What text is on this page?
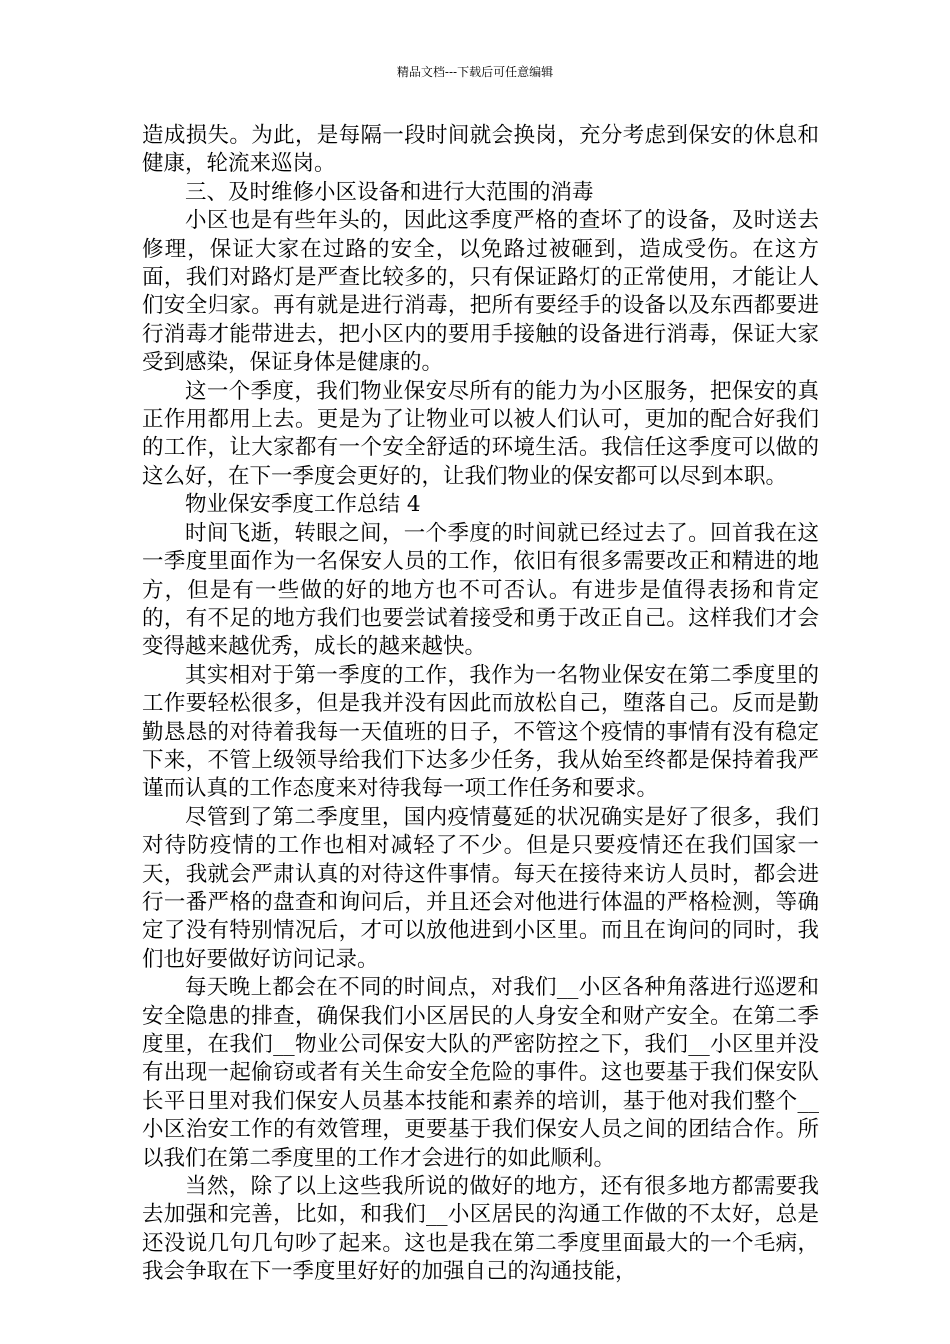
精品文档---下载后可任意编辑

造成损失。为此，是每隔一段时间就会换岗，充分考虑到保安的休息和健康，轮流来巡岗。

三、及时维修小区设备和进行大范围的消毒

小区也是有些年头的，因此这季度严格的查坏了的设备，及时送去修理，保证大家在过路的安全，以免路过被砸到，造成受伤。在这方面，我们对路灯是严查比较多的，只有保证路灯的正常使用，才能让人们安全归家。再有就是进行消毒，把所有要经手的设备以及东西都要进行消毒才能带进去，把小区内的要用手接触的设备进行消毒，保证大家受到感染，保证身体是健康的。

这一个季度，我们物业保安尽所有的能力为小区服务，把保安的真正作用都用上去。更是为了让物业可以被人们认可，更加的配合好我们的工作，让大家都有一个安全舒适的环境生活。我信任这季度可以做的这么好，在下一季度会更好的，让我们物业的保安都可以尽到本职。

物业保安季度工作总结 4

时间飞逝，转眼之间，一个季度的时间就已经过去了。回首我在这一季度里面作为一名保安人员的工作，依旧有很多需要改正和精进的地方，但是有一些做的好的地方也不可否认。有进步是值得表扬和肯定的，有不足的地方我们也要尝试着接受和勇于改正自己。这样我们才会变得越来越优秀，成长的越来越快。

其实相对于第一季度的工作，我作为一名物业保安在第二季度里的工作要轻松很多，但是我并没有因此而放松自己，堕落自己。反而是勤勤恳恳的对待着我每一天值班的日子，不管这个疫情的事情有没有稳定下来，不管上级领导给我们下达多少任务，我从始至终都是保持着我严谨而认真的工作态度来对待我每一项工作任务和要求。

尽管到了第二季度里，国内疫情蔓延的状况确实是好了很多，我们对待防疫情的工作也相对减轻了不少。但是只要疫情还在我们国家一天，我就会严肃认真的对待这件事情。每天在接待来访人员时，都会进行一番严格的盘查和询问后，并且还会对他进行体温的严格检测，等确定了没有特别情况后，才可以放他进到小区里。而且在询问的同时，我们也好要做好访问记录。

每天晚上都会在不同的时间点，对我们__小区各种角落进行巡逻和安全隐患的排查，确保我们小区居民的人身安全和财产安全。在第二季度里，在我们__物业公司保安大队的严密防控之下，我们__小区里并没有出现一起偷窃或者有关生命安全危险的事件。这也要基于我们保安队长平日里对我们保安人员基本技能和素养的培训，基于他对我们整个__小区治安工作的有效管理，更要基于我们保安人员之间的团结合作。所以我们在第二季度里的工作才会进行的如此顺利。

当然，除了以上这些我所说的做好的地方，还有很多地方都需要我去加强和完善，比如，和我们__小区居民的沟通工作做的不太好，总是还没说几句几句吵了起来。这也是我在第二季度里面最大的一个毛病，我会争取在下一季度里好好的加强自己的沟通技能，
